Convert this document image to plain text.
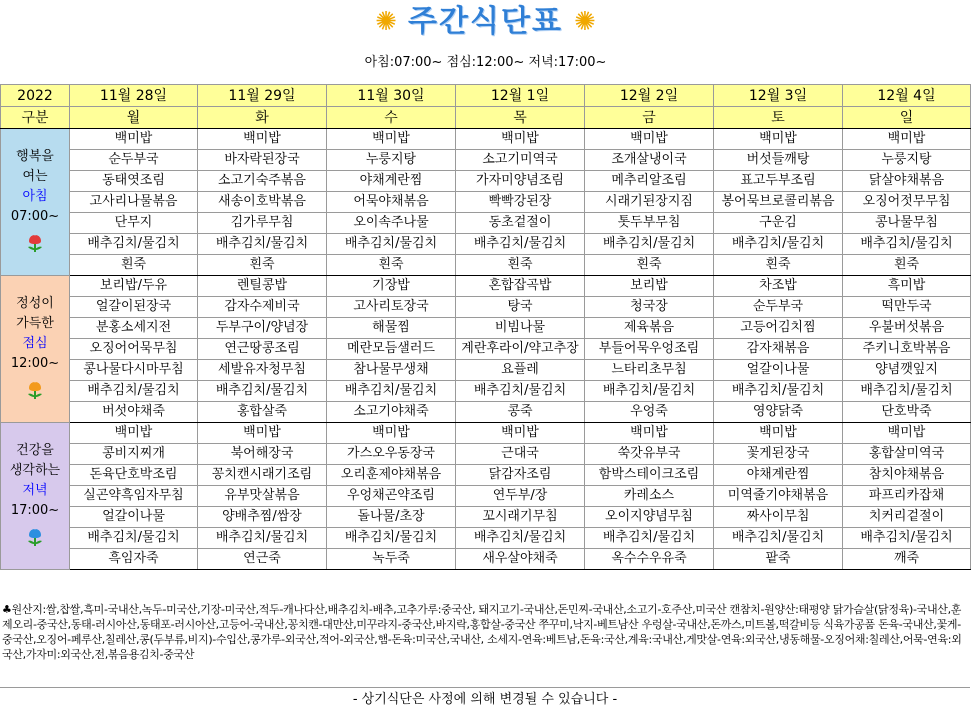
✺ 주간식단표 ✺
아침:07:00~ 점심:12:00~ 저녁:17:00~
2022	11월 28일	11월 29일	11월 30일	12월 1일	12월 2일	12월 3일	12월 4일
구분	월	화	수	목	금	토	일

행복을
여는
아침
07:00~	백미밥	백미밥	백미밥	백미밥	백미밥	백미밥	백미밥
	순두부국	바자락된장국	누룽지탕	소고기미역국	조개살냉이국	버섯들깨탕	누룽지탕
	동태엿조림	소고기숙주볶음	야채계란찜	가자미양념조림	메추리알조림	표고두부조림	닭살야채볶음
	고사리나물볶음	새송이호박볶음	어묵야채볶음	빡빡강된장	시래기된장지짐	봉어묵브로콜리볶음	오징어젓무무침
	단무지	김가루무침	오이속주나물	동초겉절이	톳두부무침	구운김	콩나물무침
	배추김치/물김치	배추김치/물김치	배추김치/물김치	배추김치/물김치	배추김치/물김치	배추김치/물김치	배추김치/물김치
	흰죽	흰죽	흰죽	흰죽	흰죽	흰죽	흰죽

정성이
가득한
점심
12:00~	보리밥/두유	렌틸콩밥	기장밥	혼합잡곡밥	보리밥	차조밥	흑미밥
	얼갈이된장국	감자수제비국	고사리토장국	탕국	청국장	순두부국	떡만두국
	분홍소세지전	두부구이/양념장	해물찜	비빔나물	제육볶음	고등어김치찜	우불버섯볶음
	오징어어묵무침	연근땅콩조림	메란모듬샐러드	계란후라이/약고추장	부들어묵우엉조림	감자채볶음	주키니호박볶음
	콩나물다시마무침	세발유자청무침	참나물무생채	요플레	느타리초무침	얼갈이나물	양념깻잎지
	배추김치/물김치	배추김치/물김치	배추김치/물김치	배추김치/물김치	배추김치/물김치	배추김치/물김치	배추김치/물김치
	버섯야채죽	홍합살죽	소고기야채죽	콩죽	우엉죽	영양닭죽	단호박죽

건강을
생각하는
저녁
17:00~	백미밥	백미밥	백미밥	백미밥	백미밥	백미밥	백미밥
	콩비지찌개	북어해장국	가스오우동장국	근대국	쑥갓유부국	꽃게된장국	홍합살미역국
	돈육단호박조림	꽁치캔시래기조림	오리훈제야채볶음	닭감자조림	함박스테이크조림	야채계란찜	참치야채볶음
	실곤약흑임자무침	유부맛살볶음	우엉채곤약조림	연두부/장	카레소스	미역줄기야채볶음	파프리카잡채
	얼갈이나물	양배추찜/쌈장	돌나물/초장	꼬시래기무침	오이지양념무침	짜사이무침	치커리겉절이
	배추김치/물김치	배추김치/물김치	배추김치/물김치	배추김치/물김치	배추김치/물김치	배추김치/물김치	배추김치/물김치
	흑임자죽	연근죽	녹두죽	새우살야채죽	옥수수우유죽	팥죽	깨죽
♣원산지:쌀,찹쌀,흑미-국내산,녹두-미국산,기장-미국산,적두-캐나다산,배추김치-배추,고추가루:중국산, 돼지고기-국내산,돈민찌-국내산,소고기-호주산,미국산 캔참치-원양산:태평양 닭가슴살(닭정육)-국내산,훈제오리-중국산,동태-러시아산,동태포-러시아산,고등어-국내산,꽁치캔-대만산,미꾸라지-중국산,바지락,홍합살-중국산 쭈꾸미,낙지-베트남산 우렁살-국내산,돈까스,미트볼,떡갈비등 식육가공품 돈육-국내산,꽃게-중국산,오징어-페루산,칠레산,콩(두부류,비지)-수입산,콩가루-외국산,적어-외국산,햄-돈육:미국산,국내산, 소세지-연육:베트남,돈육:국산,계육:국내산,게맛살-연육:외국산,냉동해물-오징어채:칠레산,어묵-연육:외국산,가자미:외국산,전,볶음용김치-중국산
- 상기식단은 사정에 의해 변경될 수 있습니다 -
